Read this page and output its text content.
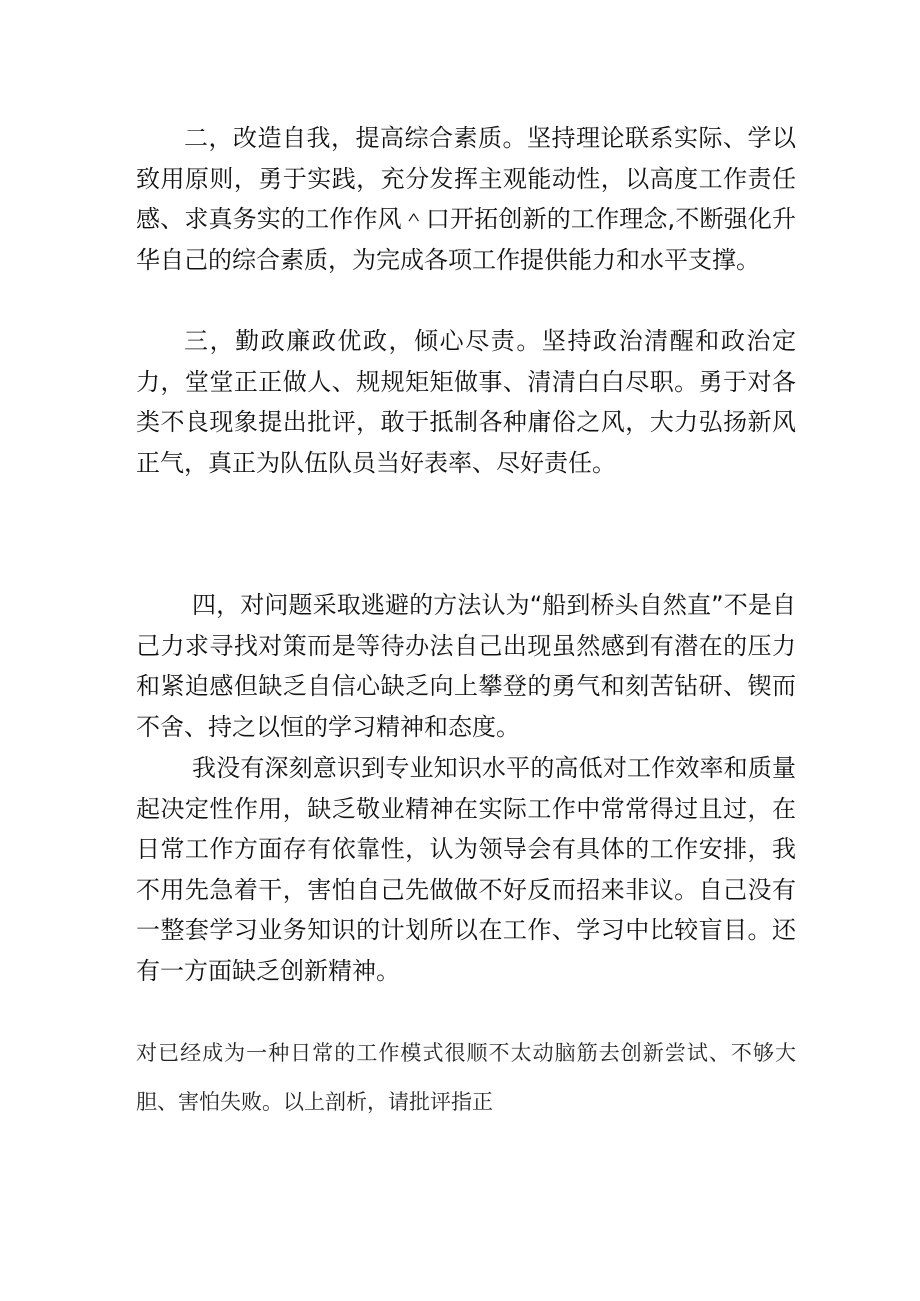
二，改造自我，提高综合素质。坚持理论联系实际、学以致用原则，勇于实践，充分发挥主观能动性，以高度工作责任感、求真务实的工作作风＾口开拓创新的工作理念,不断强化升华自己的综合素质，为完成各项工作提供能力和水平支撑。

三，勤政廉政优政，倾心尽责。坚持政治清醒和政治定力，堂堂正正做人、规规矩矩做事、清清白白尽职。勇于对各类不良现象提出批评，敢于抵制各种庸俗之风，大力弘扬新风正气，真正为队伍队员当好表率、尽好责任。

四，对问题采取逃避的方法认为“船到桥头自然直”不是自己力求寻找对策而是等待办法自己出现虽然感到有潜在的压力和紧迫感但缺乏自信心缺乏向上攀登的勇气和刻苦钻研、锲而不舍、持之以恒的学习精神和态度。

我没有深刻意识到专业知识水平的高低对工作效率和质量起决定性作用，缺乏敬业精神在实际工作中常常得过且过，在日常工作方面存有依靠性，认为领导会有具体的工作安排，我不用先急着干，害怕自己先做做不好反而招来非议。自己没有一整套学习业务知识的计划所以在工作、学习中比较盲目。还有一方面缺乏创新精神。

对已经成为一种日常的工作模式很顺不太动脑筋去创新尝试、不够大胆、害怕失败。以上剖析，请批评指正
